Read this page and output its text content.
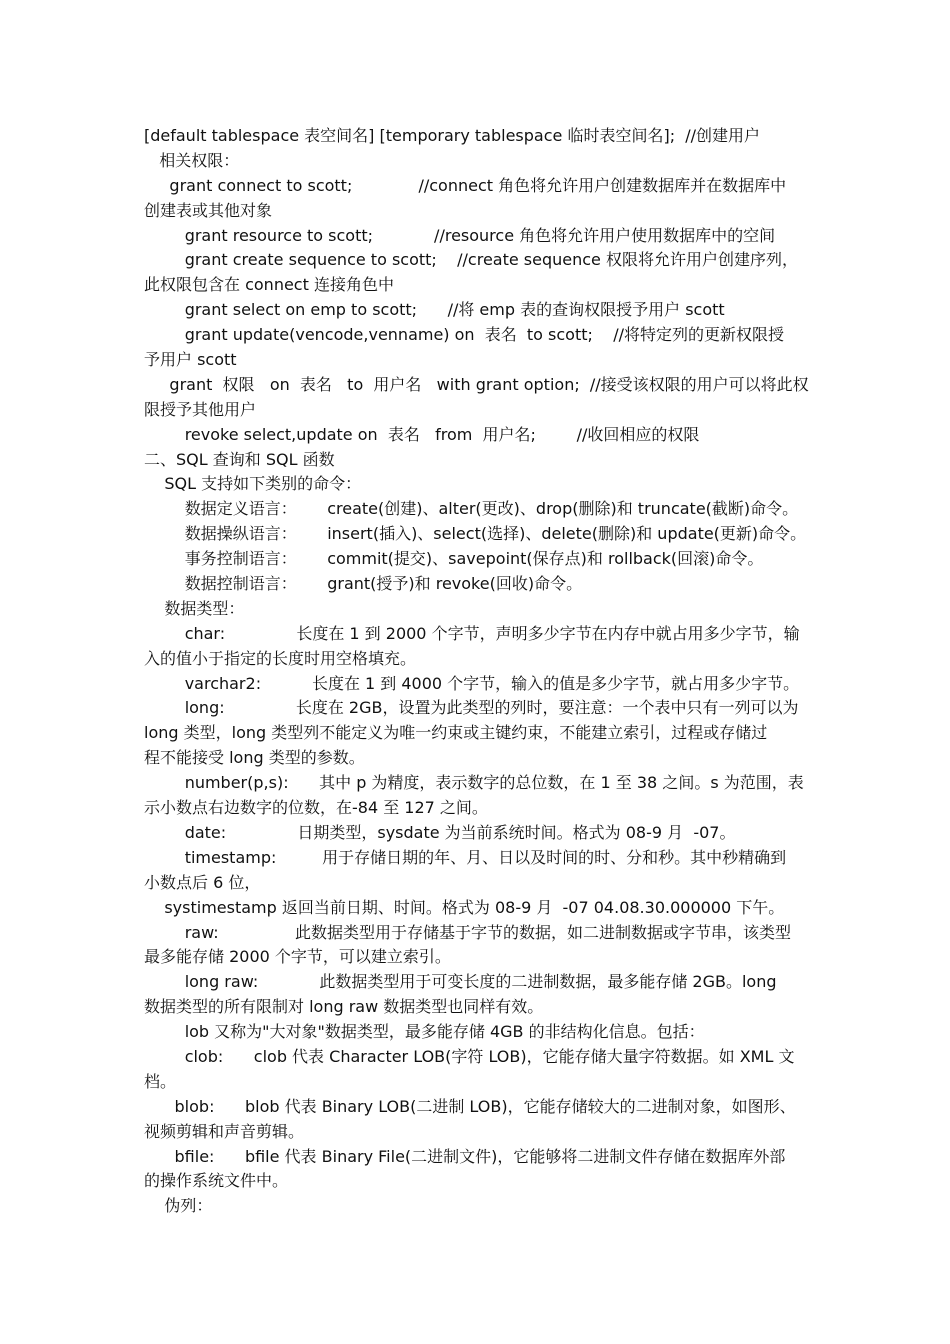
[default tablespace 表空间名] [temporary tablespace 临时表空间名];  //创建用户
相关权限：
grant connect to scott;             //connect 角色将允许用户创建数据库并在数据库中
创建表或其他对象
grant resource to scott;            //resource 角色将允许用户使用数据库中的空间
grant create sequence to scott;    //create sequence 权限将允许用户创建序列，
此权限包含在 connect 连接角色中
grant select on emp to scott;      //将 emp 表的查询权限授予用户 scott
grant update(vencode,venname) on  表名  to scott;    //将特定列的更新权限授
予用户 scott
grant  权限   on  表名   to  用户名   with grant option;  //接受该权限的用户可以将此权
限授予其他用户
revoke select,update on  表名   from  用户名;        //收回相应的权限
二、SQL 查询和 SQL 函数
SQL 支持如下类别的命令：
数据定义语言：      create(创建)、alter(更改)、drop(删除)和 truncate(截断)命令。
数据操纵语言：      insert(插入)、select(选择)、delete(删除)和 update(更新)命令。
事务控制语言：      commit(提交)、savepoint(保存点)和 rollback(回滚)命令。
数据控制语言：      grant(授予)和 revoke(回收)命令。
数据类型：
char:              长度在 1 到 2000 个字节，声明多少字节在内存中就占用多少字节，输
入的值小于指定的长度时用空格填充。
varchar2:          长度在 1 到 4000 个字节，输入的值是多少字节，就占用多少字节。
long:              长度在 2GB，设置为此类型的列时，要注意：一个表中只有一列可以为
long 类型，long 类型列不能定义为唯一约束或主键约束，不能建立索引，过程或存储过
程不能接受 long 类型的参数。
number(p,s):      其中 p 为精度，表示数字的总位数，在 1 至 38 之间。s 为范围，表
示小数点右边数字的位数，在-84 至 127 之间。
date:              日期类型，sysdate 为当前系统时间。格式为 08-9 月  -07。
timestamp:         用于存储日期的年、月、日以及时间的时、分和秒。其中秒精确到
小数点后 6 位，
systimestamp 返回当前日期、时间。格式为 08-9 月  -07 04.08.30.000000 下午。
raw:               此数据类型用于存储基于字节的数据，如二进制数据或字节串，该类型
最多能存储 2000 个字节，可以建立索引。
long raw:            此数据类型用于可变长度的二进制数据，最多能存储 2GB。long
数据类型的所有限制对 long raw 数据类型也同样有效。
lob 又称为"大对象"数据类型，最多能存储 4GB 的非结构化信息。包括：
clob:      clob 代表 Character LOB(字符 LOB)，它能存储大量字符数据。如 XML 文
档。
blob:      blob 代表 Binary LOB(二进制 LOB)，它能存储较大的二进制对象，如图形、
视频剪辑和声音剪辑。
bfile:      bfile 代表 Binary File(二进制文件)，它能够将二进制文件存储在数据库外部
的操作系统文件中。
伪列：
